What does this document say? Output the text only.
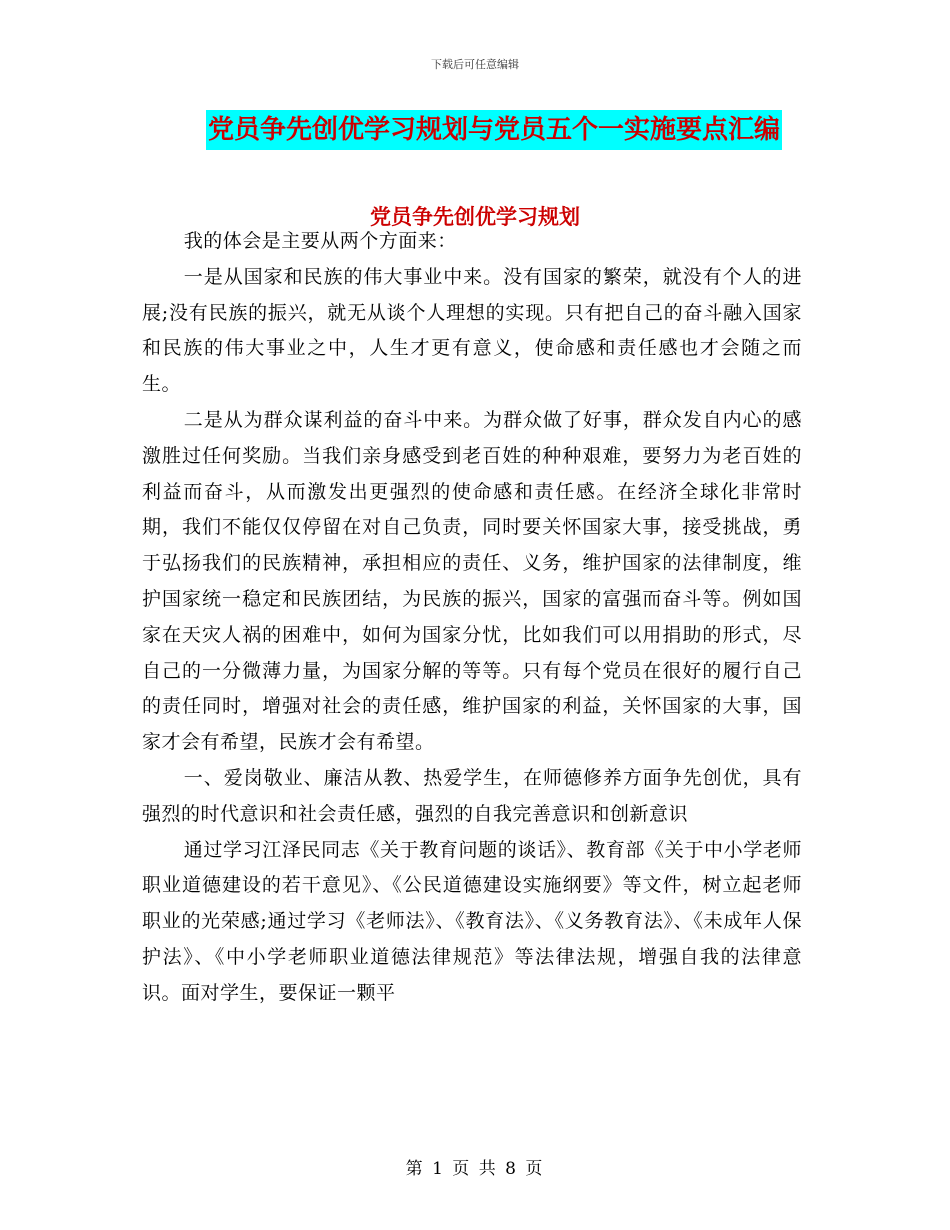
下载后可任意编辑
党员争先创优学习规划与党员五个一实施要点汇编
党员争先创优学习规划

我的体会是主要从两个方面来：

一是从国家和民族的伟大事业中来。没有国家的繁荣，就没有个人的进展;没有民族的振兴，就无从谈个人理想的实现。只有把自己的奋斗融入国家和民族的伟大事业之中，人生才更有意义，使命感和责任感也才会随之而生。

二是从为群众谋利益的奋斗中来。为群众做了好事，群众发自内心的感激胜过任何奖励。当我们亲身感受到老百姓的种种艰难，要努力为老百姓的利益而奋斗，从而激发出更强烈的使命感和责任感。在经济全球化非常时期，我们不能仅仅停留在对自己负责，同时要关怀国家大事，接受挑战，勇于弘扬我们的民族精神，承担相应的责任、义务，维护国家的法律制度，维护国家统一稳定和民族团结，为民族的振兴，国家的富强而奋斗等。例如国家在天灾人祸的困难中，如何为国家分忧，比如我们可以用捐助的形式，尽自己的一分微薄力量，为国家分解的等等。只有每个党员在很好的履行自己的责任同时，增强对社会的责任感，维护国家的利益，关怀国家的大事，国家才会有希望，民族才会有希望。

一、爱岗敬业、廉洁从教、热爱学生，在师德修养方面争先创优，具有强烈的时代意识和社会责任感，强烈的自我完善意识和创新意识

通过学习江泽民同志《关于教育问题的谈话》、教育部《关于中小学老师职业道德建设的若干意见》、《公民道德建设实施纲要》等文件，树立起老师职业的光荣感;通过学习《老师法》、《教育法》、《义务教育法》、《未成年人保护法》、《中小学老师职业道德法律规范》等法律法规，增强自我的法律意识。面对学生，要保证一颗平

第 1 页 共 8 页
